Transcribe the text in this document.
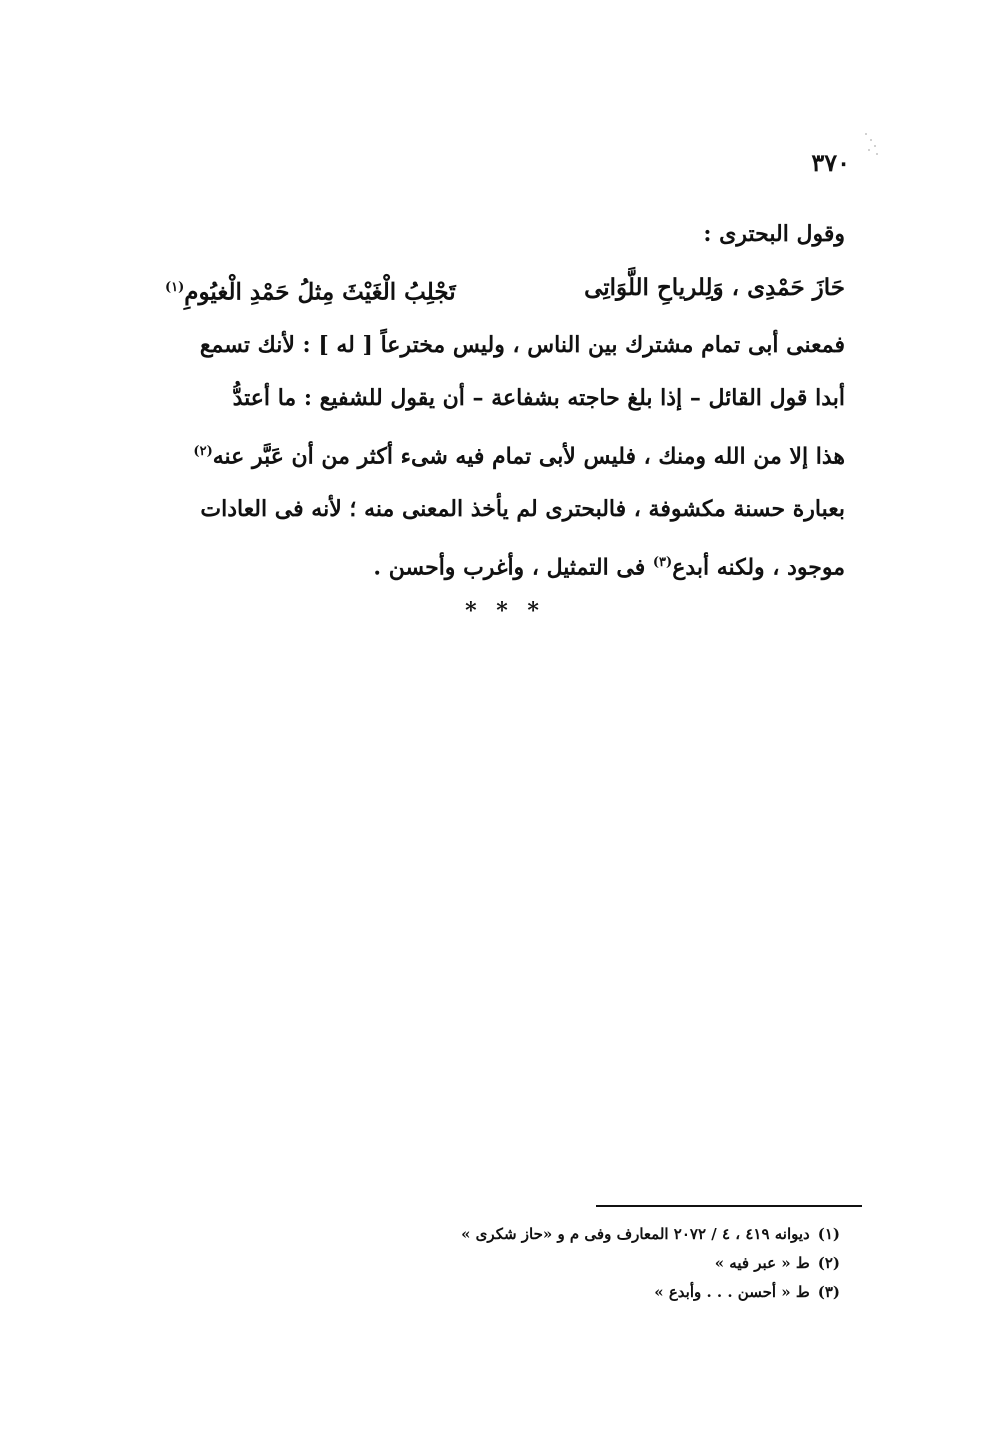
٣٧٠
وقول البحترى :
حَازَ حَمْدِى ، وَلِلرياحِ اللَّوَاتِى
تَجْلِبُ الْغَيْثَ مِثلُ حَمْدِ الْغيُومِ$^{(١)}$
فمعنى أبى تمام مشترك بين الناس ، وليس مخترعاً [ له ] : لأنك تسمع
أبدا قول القائل – إذا بلغ حاجته بشفاعة – أن يقول للشفيع : ما أعتدُّ
هذا إلا من الله ومنك ، فليس لأبى تمام فيه شىء أكثر من أن عَبَّر عنه$^{(٢)}$
بعبارة حسنة مكشوفة ، فالبحترى لم يأخذ المعنى منه ؛ لأنه فى العادات
موجود ، ولكنه أبدع$^{(٣)}$ فى التمثيل ، وأغرب وأحسن .
* * *
(١)ديوانه ٤١٩ ، ٤ / ٢٠٧٢ المعارف وفى م و «حاز شكرى »
(٢)ط « عبر فيه »
(٣)ط « أحسن . . . وأبدع »
